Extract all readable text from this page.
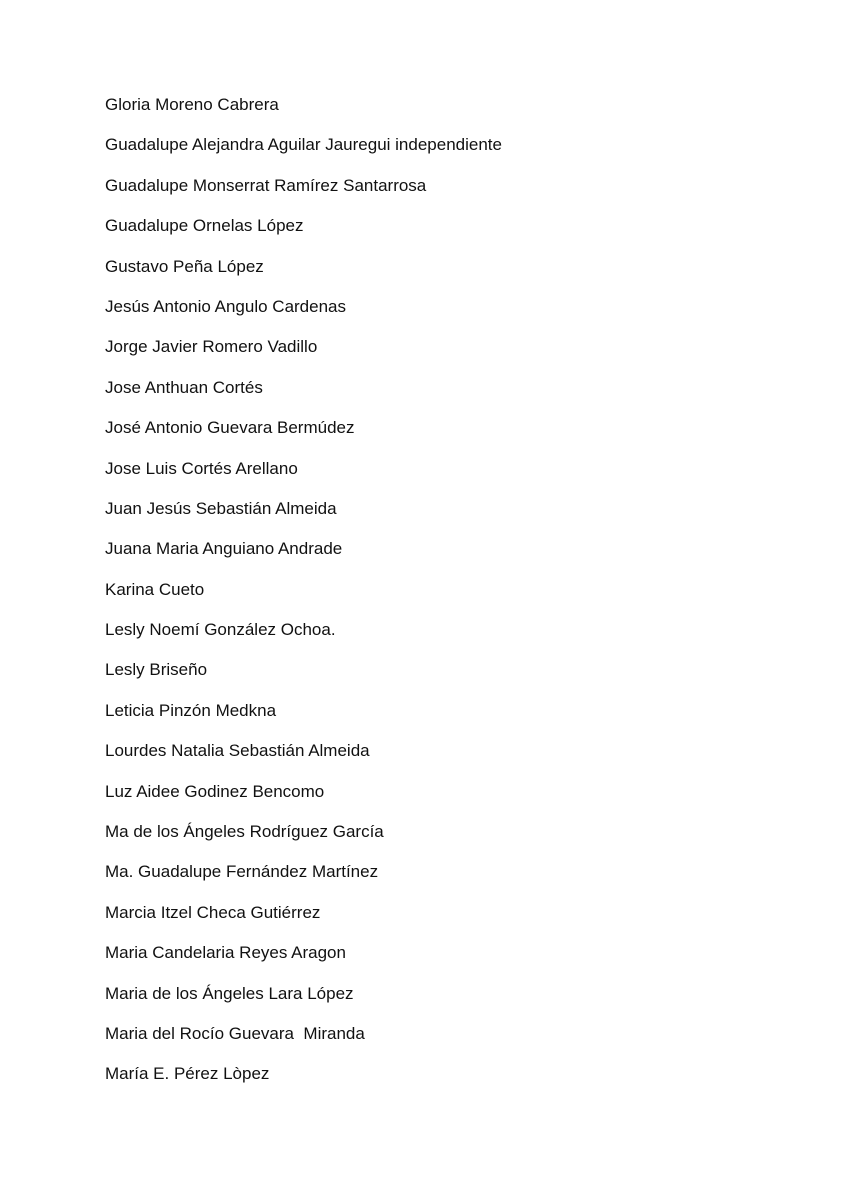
Gloria Moreno Cabrera
Guadalupe Alejandra Aguilar Jauregui independiente
Guadalupe Monserrat Ramírez Santarrosa
Guadalupe Ornelas López
Gustavo Peña López
Jesús Antonio Angulo Cardenas
Jorge Javier Romero Vadillo
Jose Anthuan Cortés
José Antonio Guevara Bermúdez
Jose Luis Cortés Arellano
Juan Jesús Sebastián Almeida
Juana Maria Anguiano Andrade
Karina Cueto
Lesly Noemí González Ochoa.
Lesly Briseño
Leticia Pinzón Medkna
Lourdes Natalia Sebastián Almeida
Luz Aidee Godinez Bencomo
Ma de los Ángeles Rodríguez García
Ma. Guadalupe Fernández Martínez
Marcia Itzel Checa Gutiérrez
Maria Candelaria Reyes Aragon
Maria de los Ángeles Lara López
Maria del Rocío Guevara  Miranda
María E. Pérez Lòpez
